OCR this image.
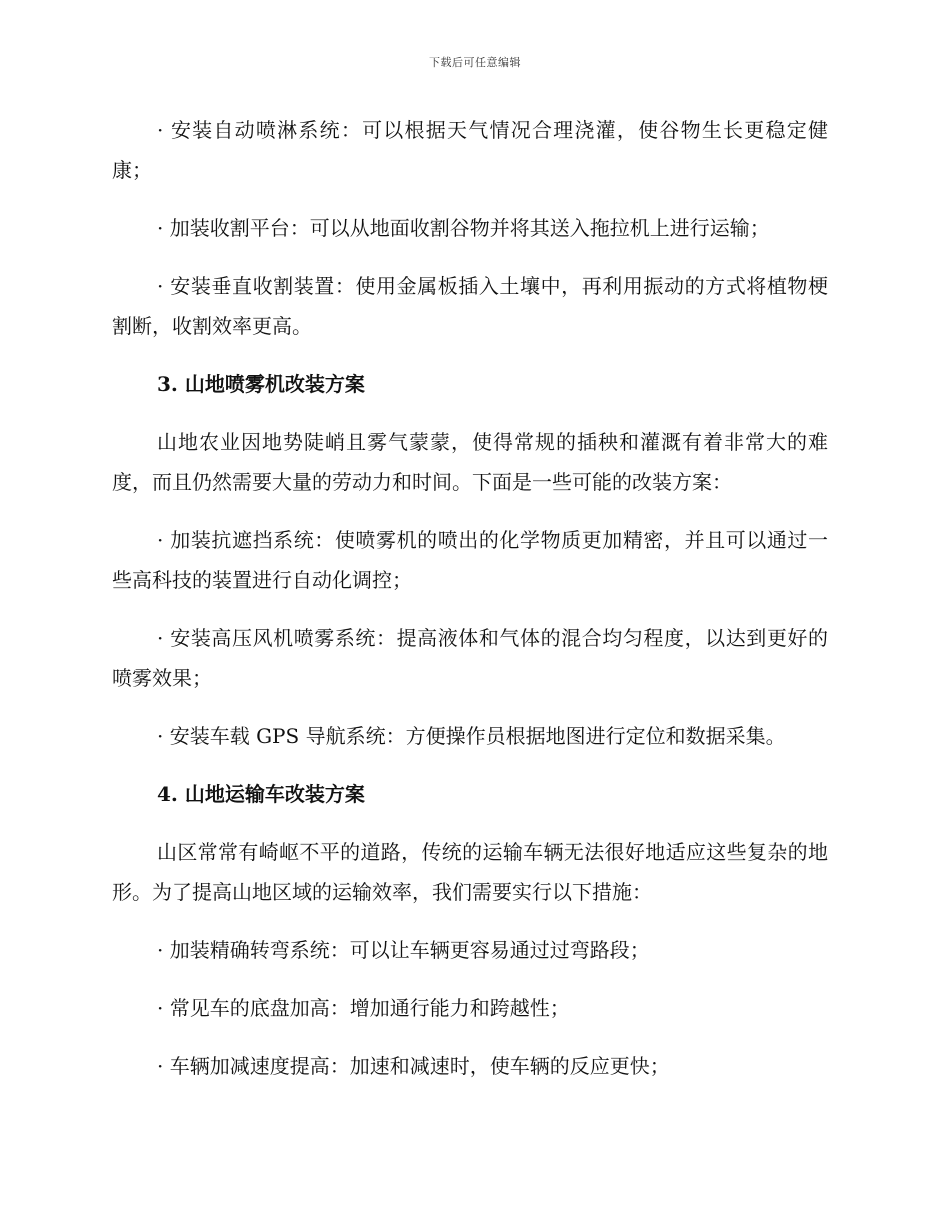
下载后可任意编辑

· 安装自动喷淋系统：可以根据天气情况合理浇灌，使谷物生长更稳定健康；

· 加装收割平台：可以从地面收割谷物并将其送入拖拉机上进行运输；

· 安装垂直收割装置：使用金属板插入土壤中，再利用振动的方式将植物梗割断，收割效率更高。

3. 山地喷雾机改装方案

山地农业因地势陡峭且雾气蒙蒙，使得常规的插秧和灌溉有着非常大的难度，而且仍然需要大量的劳动力和时间。下面是一些可能的改装方案：

· 加装抗遮挡系统：使喷雾机的喷出的化学物质更加精密，并且可以通过一些高科技的装置进行自动化调控；

· 安装高压风机喷雾系统：提高液体和气体的混合均匀程度，以达到更好的喷雾效果；

· 安装车载 GPS 导航系统：方便操作员根据地图进行定位和数据采集。

4. 山地运输车改装方案

山区常常有崎岖不平的道路，传统的运输车辆无法很好地适应这些复杂的地形。为了提高山地区域的运输效率，我们需要实行以下措施：

· 加装精确转弯系统：可以让车辆更容易通过过弯路段；

· 常见车的底盘加高：增加通行能力和跨越性；

· 车辆加减速度提高：加速和减速时，使车辆的反应更快；
